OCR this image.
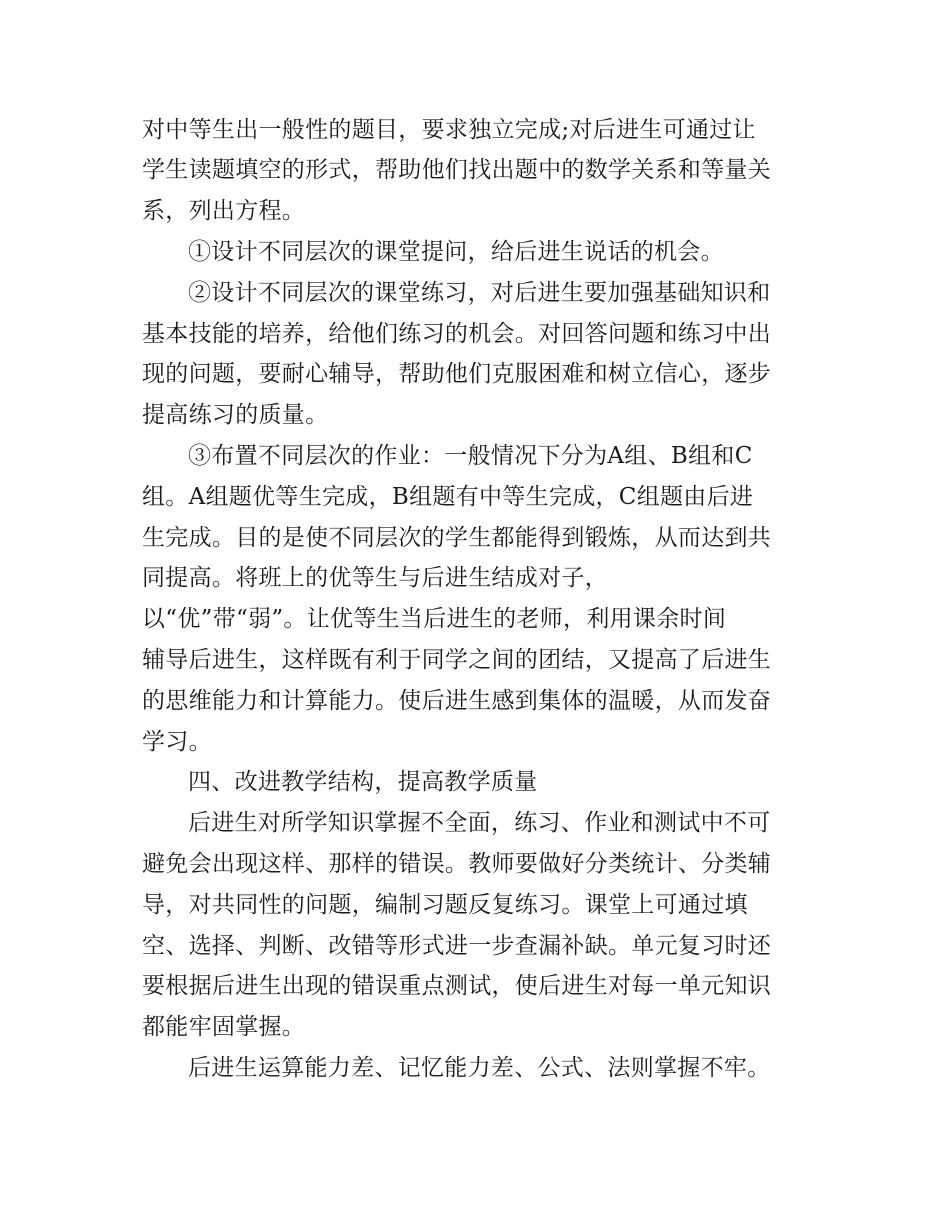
对中等生出一般性的题目，要求独立完成;对后进生可通过让
学生读题填空的形式，帮助他们找出题中的数学关系和等量关
系，列出方程。
①设计不同层次的课堂提问，给后进生说话的机会。
②设计不同层次的课堂练习，对后进生要加强基础知识和
基本技能的培养，给他们练习的机会。对回答问题和练习中出
现的问题，要耐心辅导，帮助他们克服困难和树立信心，逐步
提高练习的质量。
③布置不同层次的作业：一般情况下分为A组、B组和C
组。A组题优等生完成，B组题有中等生完成，C组题由后进
生完成。目的是使不同层次的学生都能得到锻炼，从而达到共
同提高。将班上的优等生与后进生结成对子，
以“优”带“弱”。让优等生当后进生的老师，利用课余时间
辅导后进生，这样既有利于同学之间的团结，又提高了后进生
的思维能力和计算能力。使后进生感到集体的温暖，从而发奋
学习。
四、改进教学结构，提高教学质量
后进生对所学知识掌握不全面，练习、作业和测试中不可
避免会出现这样、那样的错误。教师要做好分类统计、分类辅
导，对共同性的问题，编制习题反复练习。课堂上可通过填
空、选择、判断、改错等形式进一步查漏补缺。单元复习时还
要根据后进生出现的错误重点测试，使后进生对每一单元知识
都能牢固掌握。
后进生运算能力差、记忆能力差、公式、法则掌握不牢。
